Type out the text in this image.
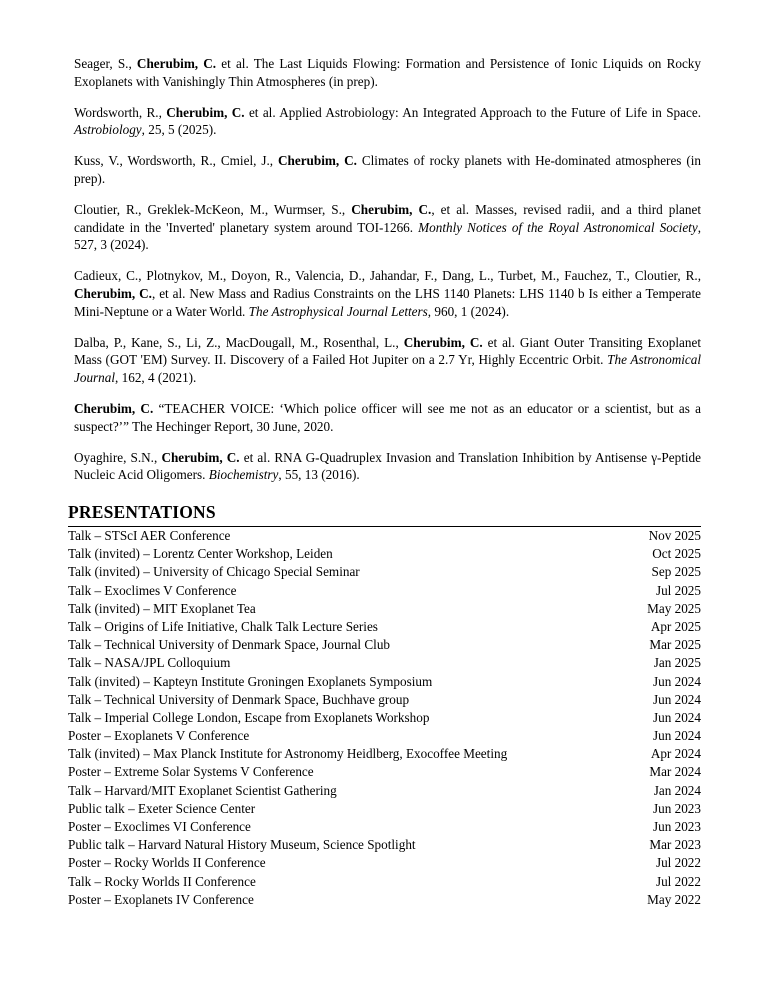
Seager, S., Cherubim, C. et al. The Last Liquids Flowing: Formation and Persistence of Ionic Liquids on Rocky Exoplanets with Vanishingly Thin Atmospheres (in prep).

Wordsworth, R., Cherubim, C. et al. Applied Astrobiology: An Integrated Approach to the Future of Life in Space. Astrobiology, 25, 5 (2025).

Kuss, V., Wordsworth, R., Cmiel, J., Cherubim, C. Climates of rocky planets with He-dominated atmospheres (in prep).

Cloutier, R., Greklek-McKeon, M., Wurmser, S., Cherubim, C., et al. Masses, revised radii, and a third planet candidate in the 'Inverted' planetary system around TOI-1266. Monthly Notices of the Royal Astronomical Society, 527, 3 (2024).

Cadieux, C., Plotnykov, M., Doyon, R., Valencia, D., Jahandar, F., Dang, L., Turbet, M., Fauchez, T., Cloutier, R., Cherubim, C., et al. New Mass and Radius Constraints on the LHS 1140 Planets: LHS 1140 b Is either a Temperate Mini-Neptune or a Water World. The Astrophysical Journal Letters, 960, 1 (2024).

Dalba, P., Kane, S., Li, Z., MacDougall, M., Rosenthal, L., Cherubim, C. et al. Giant Outer Transiting Exoplanet Mass (GOT 'EM) Survey. II. Discovery of a Failed Hot Jupiter on a 2.7 Yr, Highly Eccentric Orbit. The Astronomical Journal, 162, 4 (2021).

Cherubim, C. “TEACHER VOICE: ‘Which police officer will see me not as an educator or a scientist, but as a suspect?’” The Hechinger Report, 30 June, 2020.

Oyaghire, S.N., Cherubim, C. et al. RNA G-Quadruplex Invasion and Translation Inhibition by Antisense γ-Peptide Nucleic Acid Oligomers. Biochemistry, 55, 13 (2016).

PRESENTATIONS
Talk – STScI AER Conference	Nov 2025
Talk (invited) – Lorentz Center Workshop, Leiden	Oct 2025
Talk (invited) – University of Chicago Special Seminar	Sep 2025
Talk – Exoclimes V Conference	Jul 2025
Talk (invited) – MIT Exoplanet Tea	May 2025
Talk – Origins of Life Initiative, Chalk Talk Lecture Series	Apr 2025
Talk – Technical University of Denmark Space, Journal Club	Mar 2025
Talk – NASA/JPL Colloquium	Jan 2025
Talk (invited) – Kapteyn Institute Groningen Exoplanets Symposium	Jun 2024
Talk – Technical University of Denmark Space, Buchhave group	Jun 2024
Talk – Imperial College London, Escape from Exoplanets Workshop	Jun 2024
Poster – Exoplanets V Conference	Jun 2024
Talk (invited) – Max Planck Institute for Astronomy Heidlberg, Exocoffee Meeting	Apr 2024
Poster – Extreme Solar Systems V Conference	Mar 2024
Talk – Harvard/MIT Exoplanet Scientist Gathering	Jan 2024
Public talk – Exeter Science Center	Jun 2023
Poster – Exoclimes VI Conference	Jun 2023
Public talk – Harvard Natural History Museum, Science Spotlight	Mar 2023
Poster – Rocky Worlds II Conference	Jul 2022
Talk – Rocky Worlds II Conference	Jul 2022
Poster – Exoplanets IV Conference	May 2022
